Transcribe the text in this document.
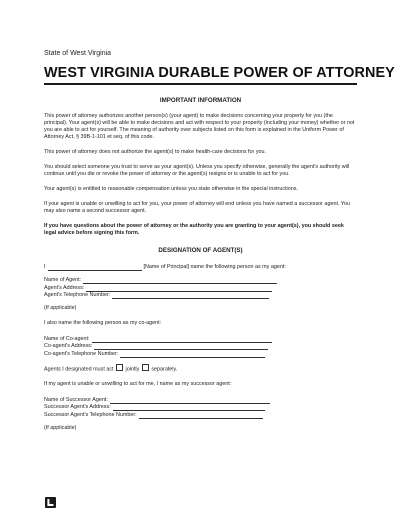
State of West Virginia
WEST VIRGINIA DURABLE POWER OF ATTORNEY
IMPORTANT INFORMATION

This power of attorney authorizes another person(s) (your agent) to make decisions concerning your property for you (the principal). Your agent(s) will be able to make decisions and act with respect to your property (including your money) whether or not you are able to act for yourself. The meaning of authority over subjects listed on this form is explained in the Uniform Power of Attorney Act, § 39B-1-101 et seq. of this code.

This power of attorney does not authorize the agent(s) to make health-care decisions for you.

You should select someone you trust to serve as your agent(s). Unless you specify otherwise, generally the agent's authority will continue until you die or revoke the power of attorney or the agent(s) resigns or is unable to act for you.

Your agent(s) is entitled to reasonable compensation unless you state otherwise in the special instructions.

If your agent is unable or unwilling to act for you, your power of attorney will end unless you have named a successor agent. You may also name a second successor agent.

If you have questions about the power of attorney or the authority you are granting to your agent(s), you should seek legal advice before signing this form.

DESIGNATION OF AGENT(S)
I	[Name of Principal] name the following person as my agent:
Name of Agent:
Agent's Address:
Agent's Telephone Number:

(If applicable)

I also name the following person as my co-agent:

Name of Co-agent:
Co-agent's Address:
Co-agent's Telephone Number:

Agents I designated must act jointly separately.

If my agent is unable or unwilling to act for me, I name as my successor agent:

Name of Successor Agent:
Successor Agent's Address:
Successor Agent's Telephone Number:

(If applicable)
